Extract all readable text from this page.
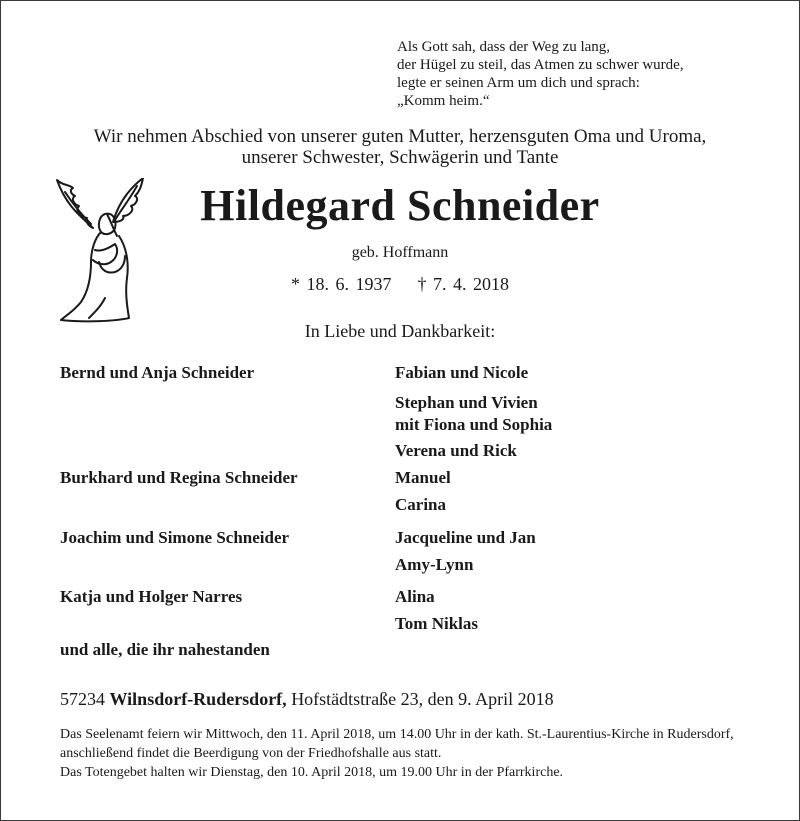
Als Gott sah, dass der Weg zu lang,
der Hügel zu steil, das Atmen zu schwer wurde,
legte er seinen Arm um dich und sprach:
„Komm heim.“
Wir nehmen Abschied von unserer guten Mutter, herzensguten Oma und Uroma,
unserer Schwester, Schwägerin und Tante
Hildegard Schneider
geb. Hoffmann
* 18. 6. 1937 † 7. 4. 2018
In Liebe und Dankbarkeit:
Bernd und Anja Schneider	Fabian und Nicole
Stephan und Vivien
mit Fiona und Sophia
Verena und Rick
Burkhard und Regina Schneider	Manuel
Carina
Joachim und Simone Schneider	Jacqueline und Jan
Amy-Lynn
Katja und Holger Narres	Alina
Tom Niklas
und alle, die ihr nahestanden
57234 Wilnsdorf-Rudersdorf, Hofstädtstraße 23, den 9. April 2018

Das Seelenamt feiern wir Mittwoch, den 11. April 2018, um 14.00 Uhr in der kath. St.-Laurentius-Kirche in Rudersdorf, anschließend findet die Beerdigung von der Friedhofshalle aus statt.

Das Totengebet halten wir Dienstag, den 10. April 2018, um 19.00 Uhr in der Pfarrkirche.
